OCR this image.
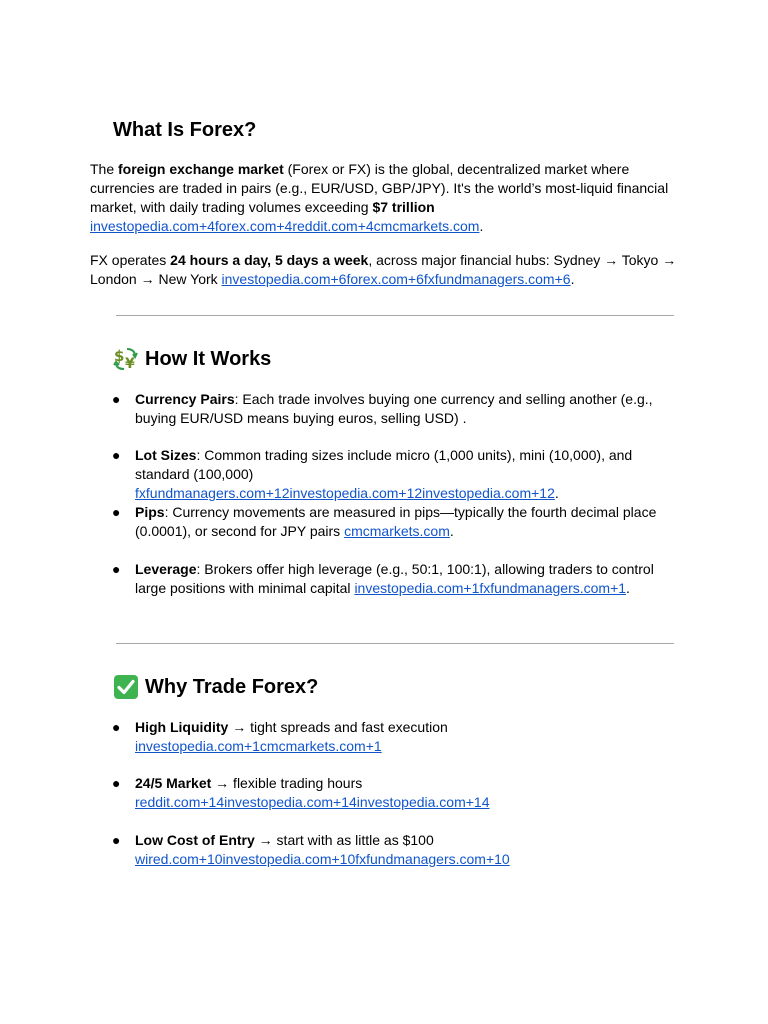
What Is Forex?

The foreign exchange market (Forex or FX) is the global, decentralized market where currencies are traded in pairs (e.g., EUR/USD, GBP/JPY). It's the world’s most-liquid financial market, with daily trading volumes exceeding $7 trillion
investopedia.com+4forex.com+4reddit.com+4cmcmarkets.com.

FX operates 24 hours a day, 5 days a week, across major financial hubs: Sydney → Tokyo → London → New York investopedia.com+6forex.com+6fxfundmanagers.com+6.

$ ¥ How It Works
● Currency Pairs: Each trade involves buying one currency and selling another (e.g., buying EUR/USD means buying euros, selling USD) .
● Lot Sizes: Common trading sizes include micro (1,000 units), mini (10,000), and standard (100,000) fxfundmanagers.com+12investopedia.com+12investopedia.com+12.
● Pips: Currency movements are measured in pips—typically the fourth decimal place (0.0001), or second for JPY pairs cmcmarkets.com.
● Leverage: Brokers offer high leverage (e.g., 50:1, 100:1), allowing traders to control large positions with minimal capital investopedia.com+1fxfundmanagers.com+1.
Why Trade Forex?
● High Liquidity → tight spreads and fast execution
investopedia.com+1cmcmarkets.com+1
● 24/5 Market → flexible trading hours
reddit.com+14investopedia.com+14investopedia.com+14
● Low Cost of Entry → start with as little as $100
wired.com+10investopedia.com+10fxfundmanagers.com+10
